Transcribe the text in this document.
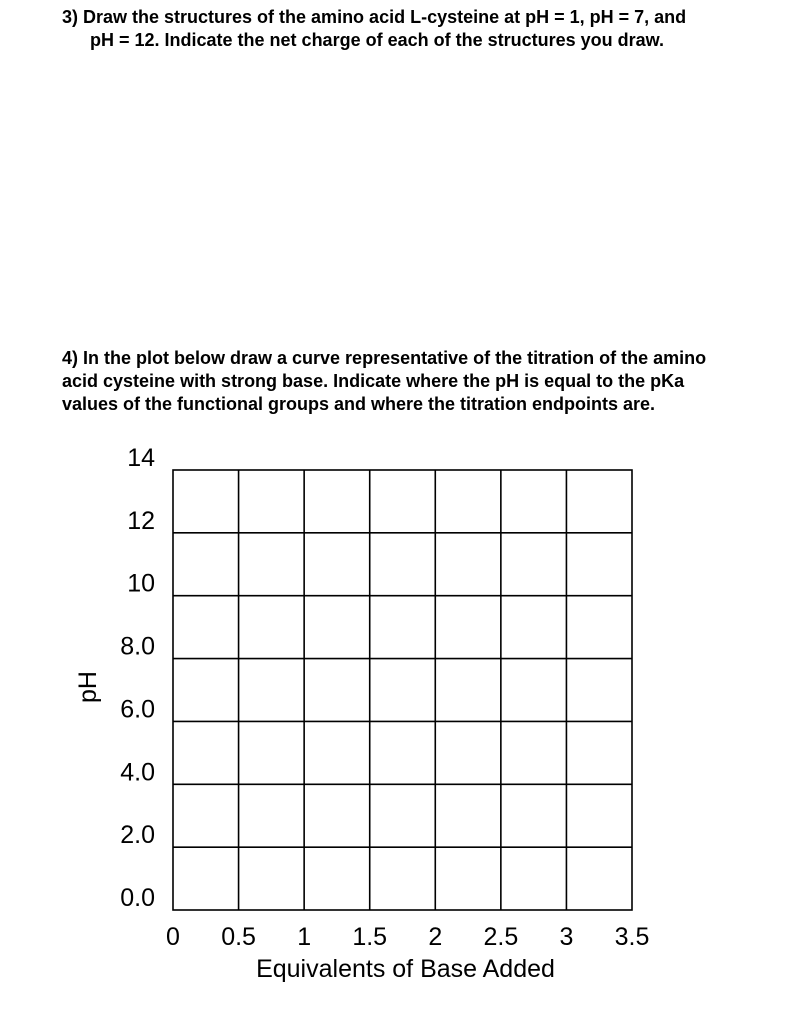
3) Draw the structures of the amino acid L-cysteine at pH = 1, pH = 7, and
pH = 12. Indicate the net charge of each of the structures you draw.

4) In the plot below draw a curve representative of the titration of the amino
acid cysteine with strong base. Indicate where the pH is equal to the pKa
values of the functional groups and where the titration endpoints are.

0.0
2.0
4.0
6.0
8.0
10
12
14
0 0.5 1 1.5 2 2.5 3 3.5
Equivalents of Base Added
pH
